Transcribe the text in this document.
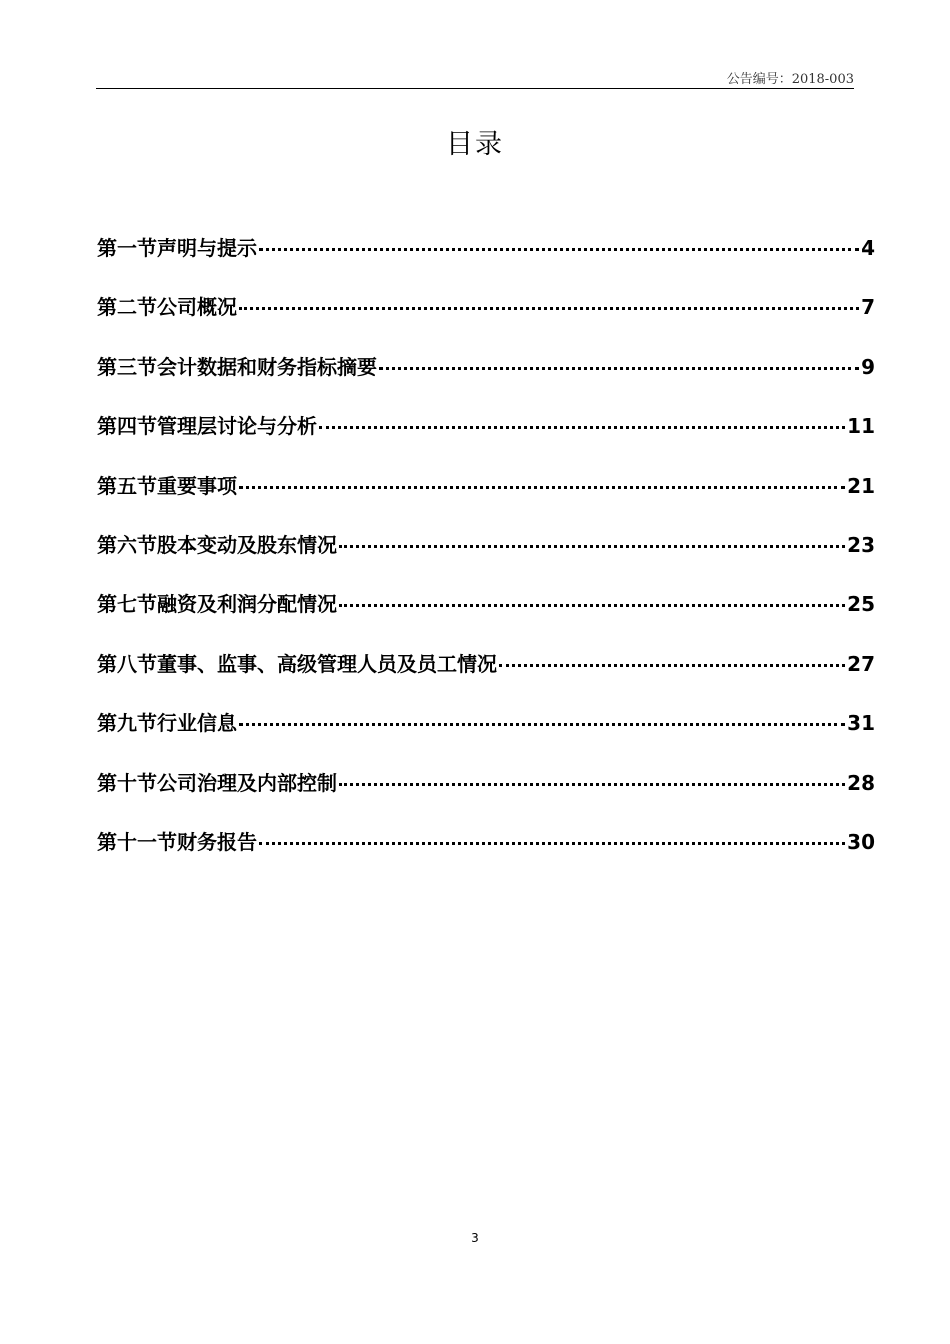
公告编号：2018-003
目录
第一节声明与提示	4
第二节公司概况	7
第三节会计数据和财务指标摘要	9
第四节管理层讨论与分析	11
第五节重要事项	21
第六节股本变动及股东情况	23
第七节融资及利润分配情况	25
第八节董事、监事、高级管理人员及员工情况	27
第九节行业信息	31
第十节公司治理及内部控制	28
第十一节财务报告	30
3
